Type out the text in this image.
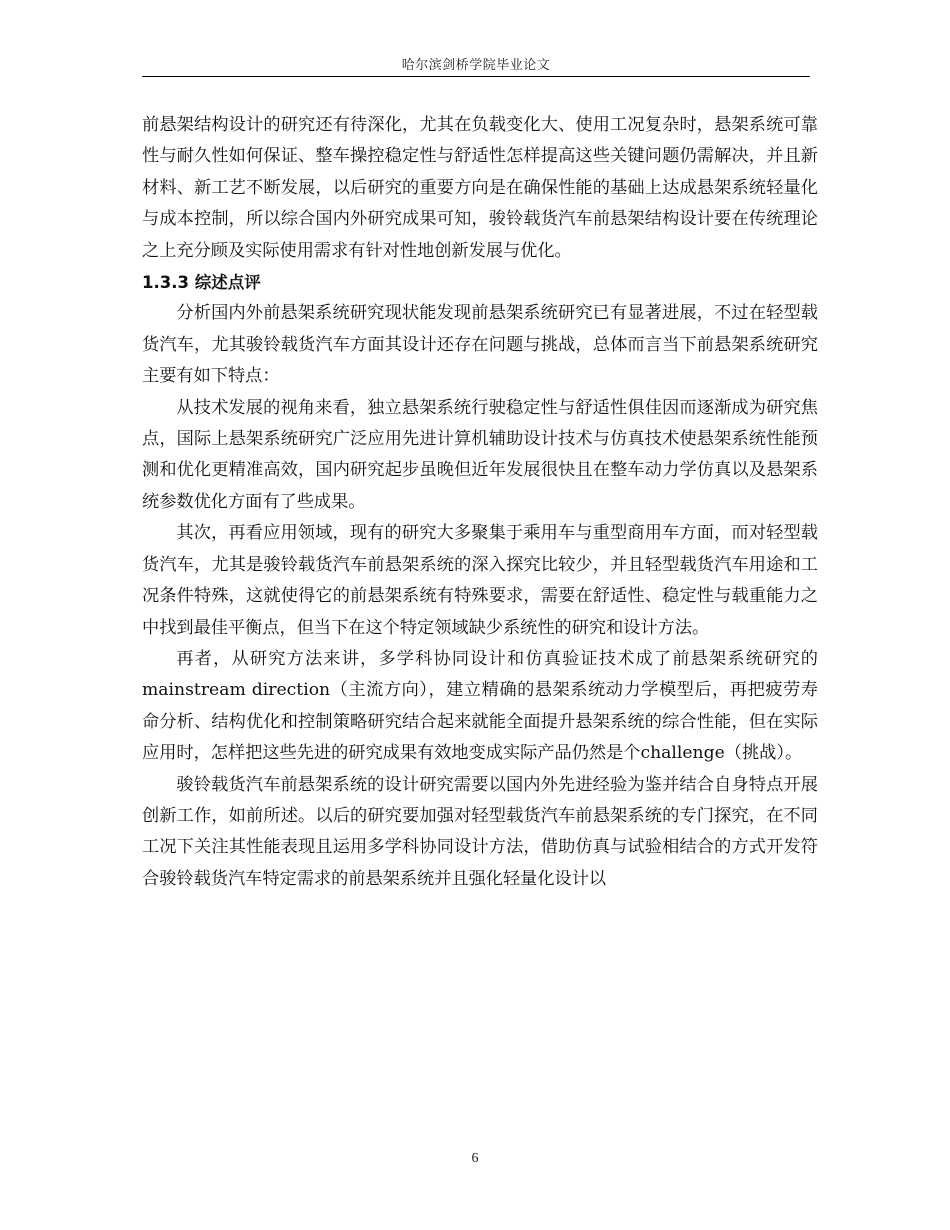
哈尔滨剑桥学院毕业论文

前悬架结构设计的研究还有待深化，尤其在负载变化大、使用工况复杂时，悬架系统可靠性与耐久性如何保证、整车操控稳定性与舒适性怎样提高这些关键问题仍需解决，并且新材料、新工艺不断发展，以后研究的重要方向是在确保性能的基础上达成悬架系统轻量化与成本控制，所以综合国内外研究成果可知，骏铃载货汽车前悬架结构设计要在传统理论之上充分顾及实际使用需求有针对性地创新发展与优化。

1.3.3 综述点评

分析国内外前悬架系统研究现状能发现前悬架系统研究已有显著进展，不过在轻型载货汽车，尤其骏铃载货汽车方面其设计还存在问题与挑战，总体而言当下前悬架系统研究主要有如下特点：

从技术发展的视角来看，独立悬架系统行驶稳定性与舒适性俱佳因而逐渐成为研究焦点，国际上悬架系统研究广泛应用先进计算机辅助设计技术与仿真技术使悬架系统性能预测和优化更精准高效，国内研究起步虽晚但近年发展很快且在整车动力学仿真以及悬架系统参数优化方面有了些成果。

其次，再看应用领域，现有的研究大多聚集于乘用车与重型商用车方面，而对轻型载货汽车，尤其是骏铃载货汽车前悬架系统的深入探究比较少，并且轻型载货汽车用途和工况条件特殊，这就使得它的前悬架系统有特殊要求，需要在舒适性、稳定性与载重能力之中找到最佳平衡点，但当下在这个特定领域缺少系统性的研究和设计方法。

再者，从研究方法来讲，多学科协同设计和仿真验证技术成了前悬架系统研究的 mainstream direction（主流方向），建立精确的悬架系统动力学模型后，再把疲劳寿命分析、结构优化和控制策略研究结合起来就能全面提升悬架系统的综合性能，但在实际应用时，怎样把这些先进的研究成果有效地变成实际产品仍然是个challenge（挑战）。

骏铃载货汽车前悬架系统的设计研究需要以国内外先进经验为鉴并结合自身特点开展创新工作，如前所述。以后的研究要加强对轻型载货汽车前悬架系统的专门探究，在不同工况下关注其性能表现且运用多学科协同设计方法，借助仿真与试验相结合的方式开发符合骏铃载货汽车特定需求的前悬架系统并且强化轻量化设计以

6
